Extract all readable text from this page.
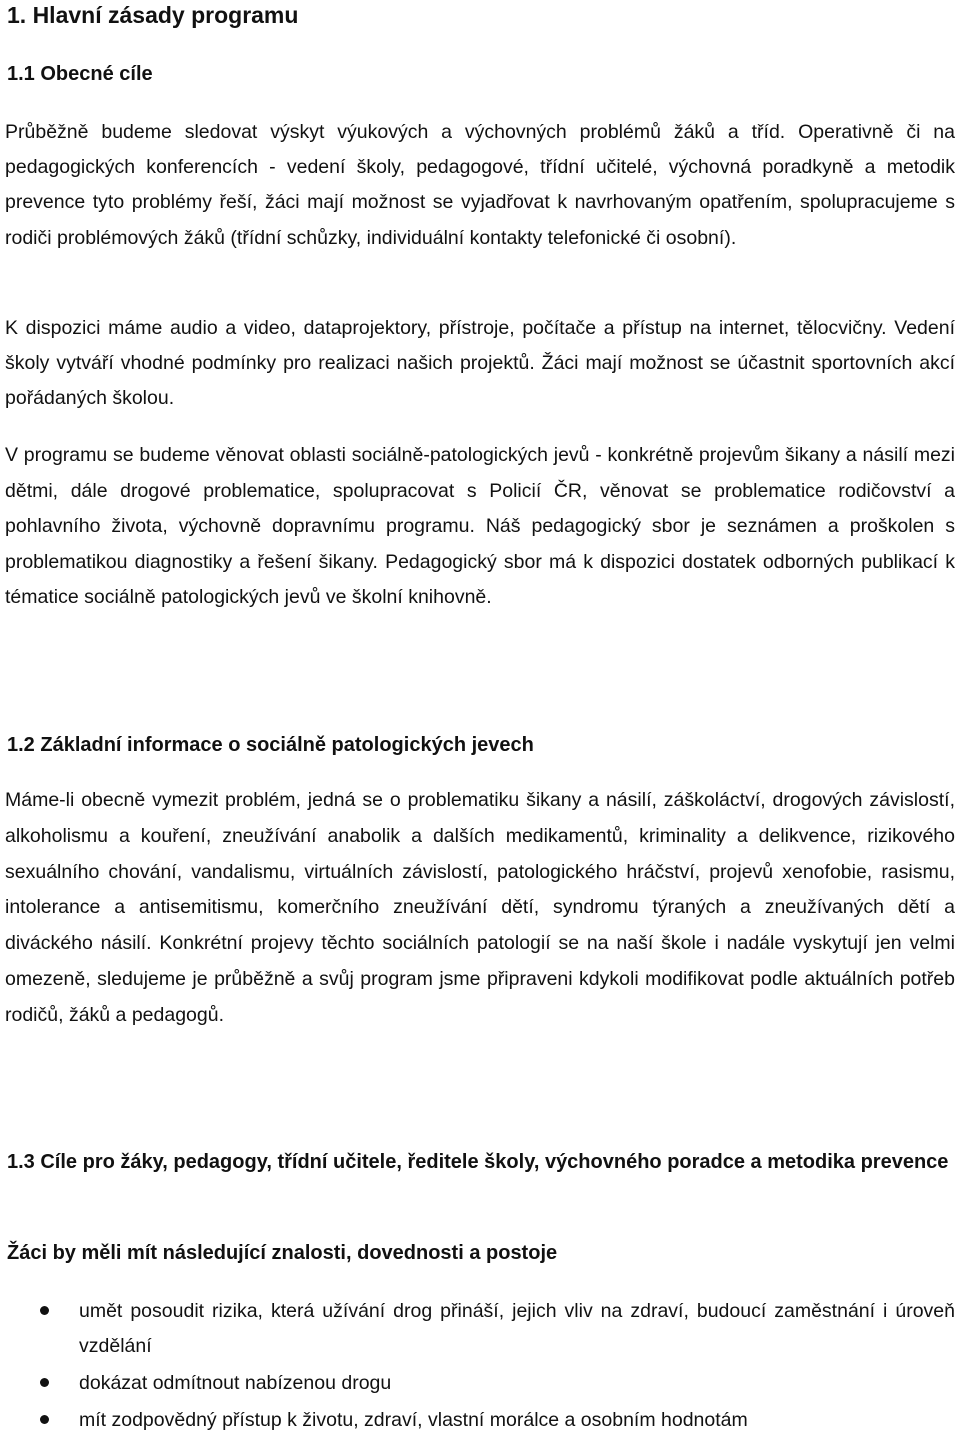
1. Hlavní zásady programu
1.1 Obecné cíle
Průběžně budeme sledovat výskyt výukových a výchovných problémů žáků a tříd. Operativně či na pedagogických konferencích - vedení školy, pedagogové, třídní učitelé, výchovná poradkyně a metodik prevence tyto problémy řeší, žáci mají možnost se vyjadřovat k navrhovaným opatřením, spolupracujeme s rodiči problémových žáků (třídní schůzky, individuální kontakty telefonické či osobní).
K dispozici máme audio a video, dataprojektory, přístroje, počítače a přístup na internet, tělocvičny. Vedení školy vytváří vhodné podmínky pro realizaci našich projektů. Žáci mají možnost se účastnit sportovních akcí pořádaných školou.
V programu se budeme věnovat oblasti sociálně-patologických jevů - konkrétně projevům šikany a násilí mezi dětmi, dále drogové problematice, spolupracovat s Policií ČR, věnovat se problematice rodičovství a pohlavního života, výchovně dopravnímu programu. Náš pedagogický sbor je seznámen a proškolen s problematikou diagnostiky a řešení šikany. Pedagogický sbor má k dispozici dostatek odborných publikací k tématice sociálně patologických jevů ve školní knihovně.
1.2 Základní informace o sociálně patologických jevech
Máme-li obecně vymezit problém, jedná se o problematiku šikany a násilí, záškoláctví, drogových závislostí, alkoholismu a kouření, zneužívání anabolik a dalších medikamentů, kriminality a delikvence, rizikového sexuálního chování, vandalismu, virtuálních závislostí, patologického hráčství, projevů xenofobie, rasismu, intolerance a antisemitismu, komerčního zneužívání dětí, syndromu týraných a zneužívaných dětí a diváckého násilí. Konkrétní projevy těchto sociálních patologií se na naší škole i nadále vyskytují jen velmi omezeně, sledujeme je průběžně a svůj program jsme připraveni kdykoli modifikovat podle aktuálních potřeb rodičů, žáků a pedagogů.
1.3 Cíle pro žáky, pedagogy, třídní učitele, ředitele školy, výchovného poradce a metodika prevence
Žáci by měli mít následující znalosti, dovednosti a postoje
umět posoudit rizika, která užívání drog přináší, jejich vliv na zdraví, budoucí zaměstnání i úroveň vzdělání
dokázat odmítnout nabízenou drogu
mít zodpovědný přístup k životu, zdraví, vlastní morálce a osobním hodnotám
